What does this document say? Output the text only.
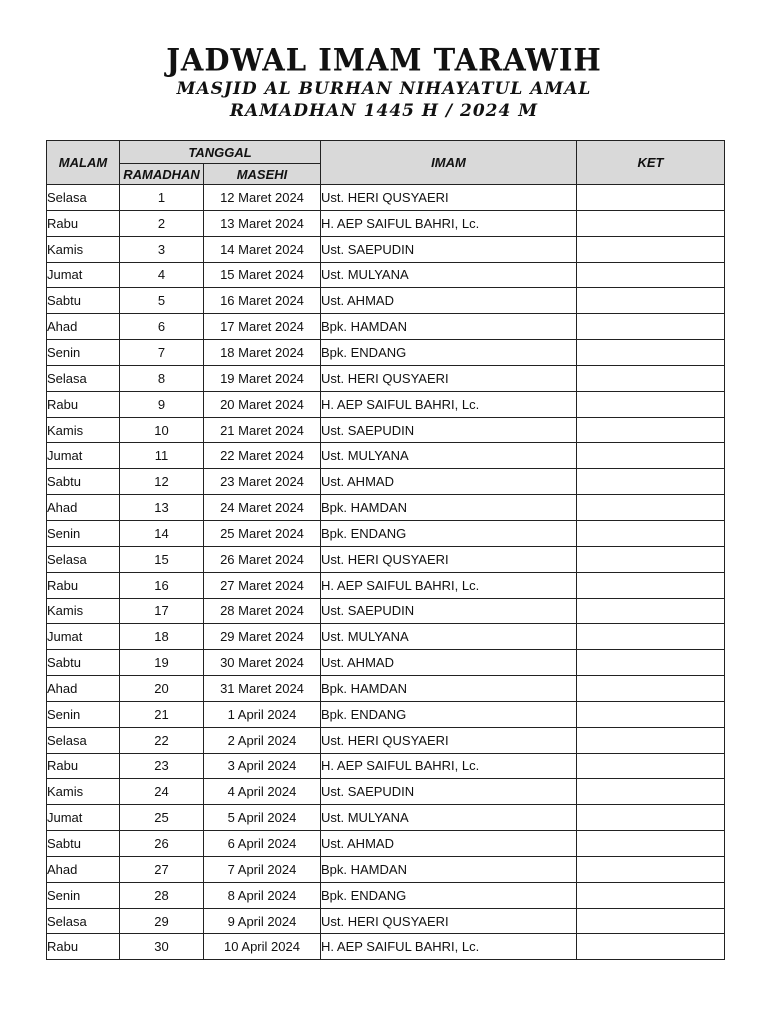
JADWAL IMAM TARAWIH
MASJID AL BURHAN NIHAYATUL AMAL
RAMADHAN 1445 H / 2024 M
MALAM	TANGGAL		IMAM	KET
	RAMADHAN	MASEHI		
Selasa	1	12 Maret 2024	Ust. HERI QUSYAERI	
Rabu	2	13 Maret 2024	H. AEP SAIFUL BAHRI, Lc.	
Kamis	3	14 Maret 2024	Ust. SAEPUDIN	
Jumat	4	15 Maret 2024	Ust. MULYANA	
Sabtu	5	16 Maret 2024	Ust. AHMAD	
Ahad	6	17 Maret 2024	Bpk. HAMDAN	
Senin	7	18 Maret 2024	Bpk. ENDANG	
Selasa	8	19 Maret 2024	Ust. HERI QUSYAERI	
Rabu	9	20 Maret 2024	H. AEP SAIFUL BAHRI, Lc.	
Kamis	10	21 Maret 2024	Ust. SAEPUDIN	
Jumat	11	22 Maret 2024	Ust. MULYANA	
Sabtu	12	23 Maret 2024	Ust. AHMAD	
Ahad	13	24 Maret 2024	Bpk. HAMDAN	
Senin	14	25 Maret 2024	Bpk. ENDANG	
Selasa	15	26 Maret 2024	Ust. HERI QUSYAERI	
Rabu	16	27 Maret 2024	H. AEP SAIFUL BAHRI, Lc.	
Kamis	17	28 Maret 2024	Ust. SAEPUDIN	
Jumat	18	29 Maret 2024	Ust. MULYANA	
Sabtu	19	30 Maret 2024	Ust. AHMAD	
Ahad	20	31 Maret 2024	Bpk. HAMDAN	
Senin	21	1 April 2024	Bpk. ENDANG	
Selasa	22	2 April 2024	Ust. HERI QUSYAERI	
Rabu	23	3 April 2024	H. AEP SAIFUL BAHRI, Lc.	
Kamis	24	4 April 2024	Ust. SAEPUDIN	
Jumat	25	5 April 2024	Ust. MULYANA	
Sabtu	26	6 April 2024	Ust. AHMAD	
Ahad	27	7 April 2024	Bpk. HAMDAN	
Senin	28	8 April 2024	Bpk. ENDANG	
Selasa	29	9 April 2024	Ust. HERI QUSYAERI	
Rabu	30	10 April 2024	H. AEP SAIFUL BAHRI, Lc.	
